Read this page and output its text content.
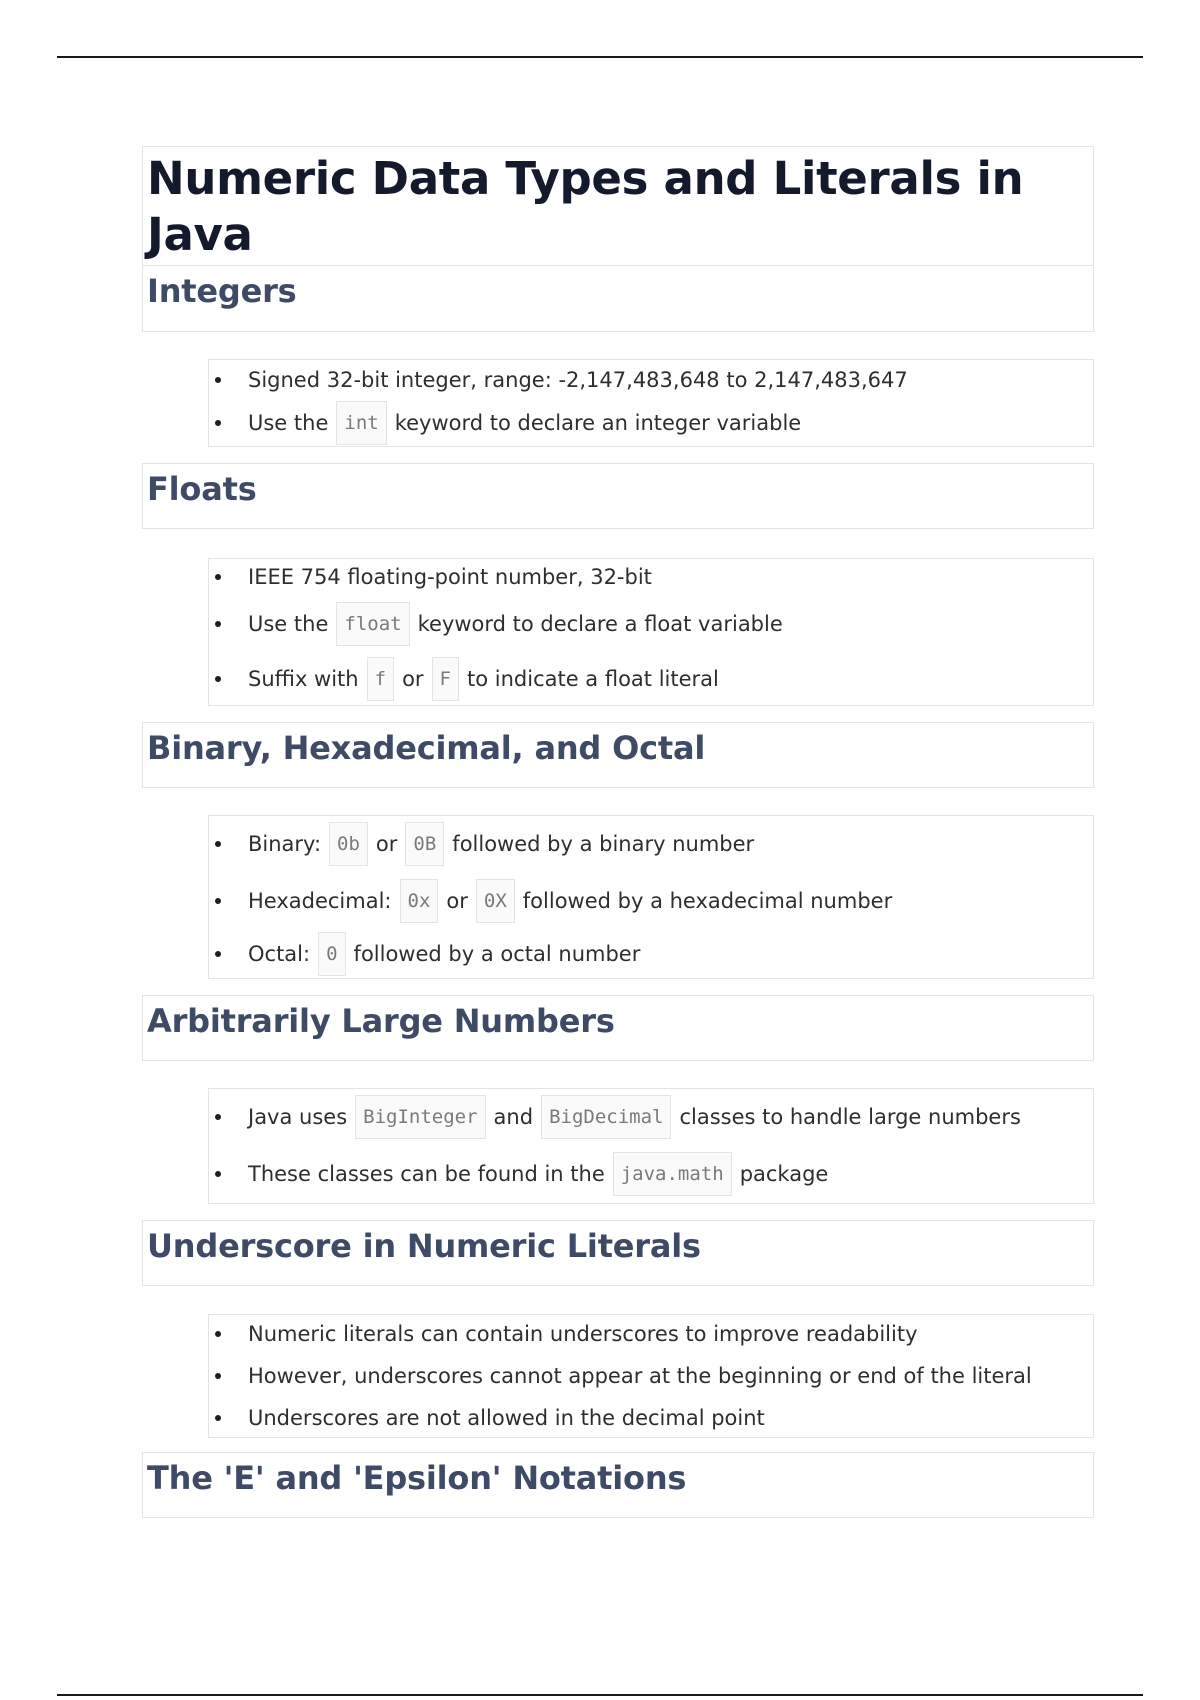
Numeric Data Types and Literals in Java
Integers
Signed 32-bit integer, range: -2,147,483,648 to 2,147,483,647
Use the int keyword to declare an integer variable
Floats
IEEE 754 floating-point number, 32-bit
Use the float keyword to declare a float variable
Suffix with f or F to indicate a float literal
Binary, Hexadecimal, and Octal
Binary: 0b or 0B followed by a binary number
Hexadecimal: 0x or 0X followed by a hexadecimal number
Octal: 0 followed by a octal number
Arbitrarily Large Numbers
Java uses BigInteger and BigDecimal classes to handle large numbers
These classes can be found in the java.math package
Underscore in Numeric Literals
Numeric literals can contain underscores to improve readability
However, underscores cannot appear at the beginning or end of the literal
Underscores are not allowed in the decimal point
The 'E' and 'Epsilon' Notations
